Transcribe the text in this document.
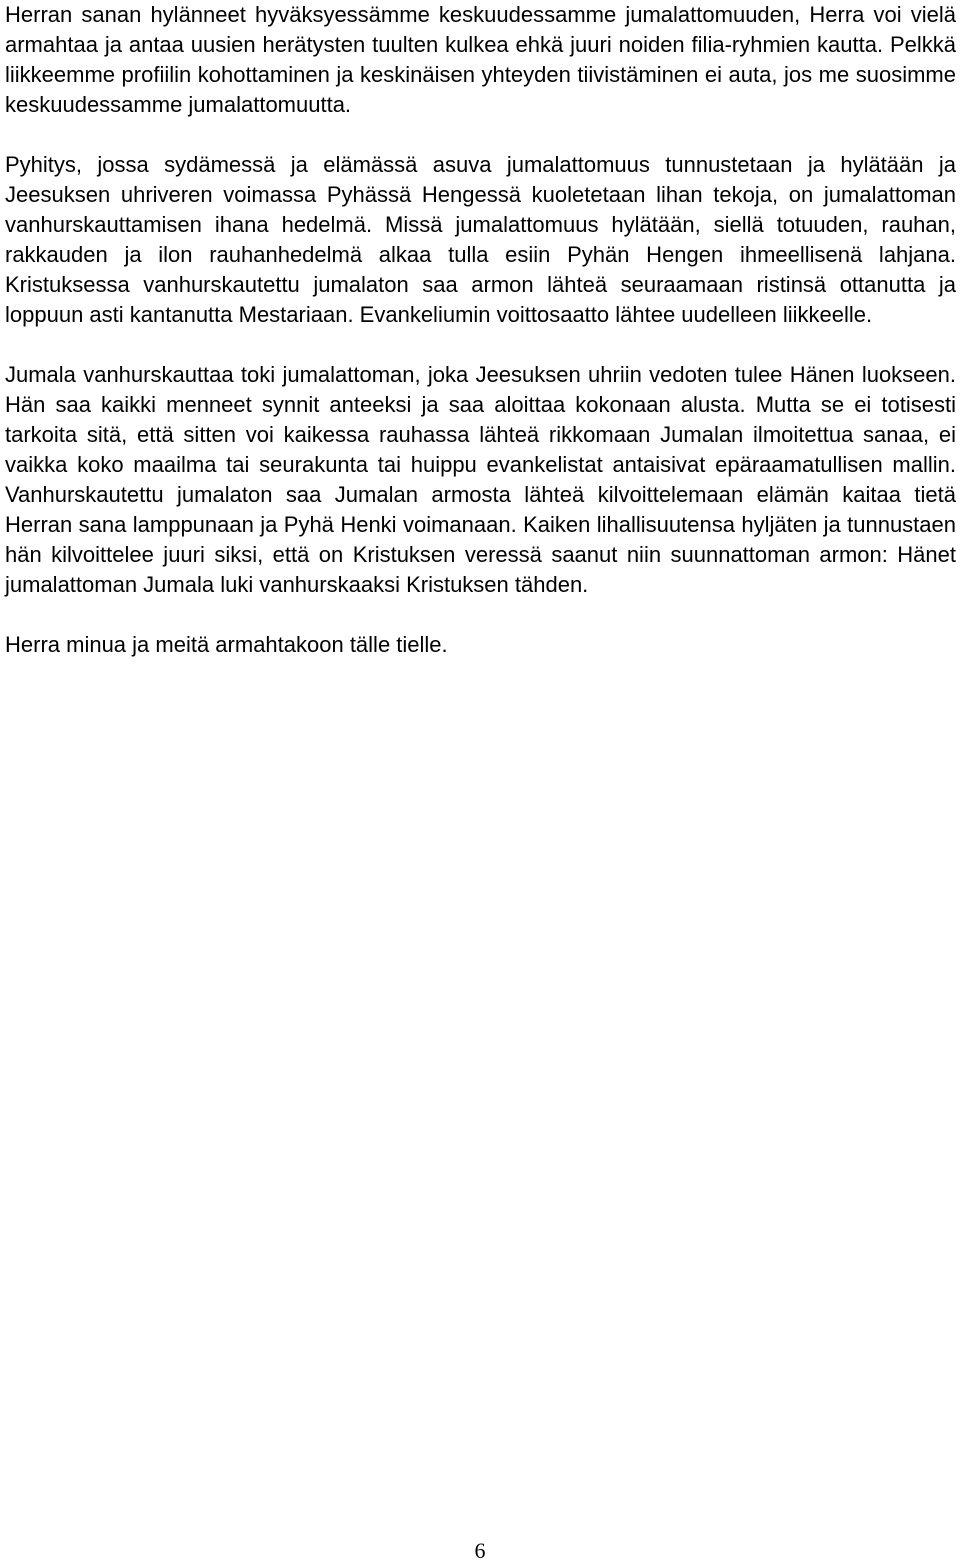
Herran sanan hylänneet hyväksyessämme keskuudessamme jumalattomuuden, Herra voi vielä armahtaa ja antaa uusien herätysten tuulten kulkea ehkä juuri noiden filia-ryhmien kautta. Pelkkä liikkeemme profiilin kohottaminen ja keskinäisen yhteyden tiivistäminen ei auta, jos me suosimme keskuudessamme jumalattomuutta.

Pyhitys, jossa sydämessä ja elämässä asuva jumalattomuus tunnustetaan ja hylätään ja Jeesuksen uhriveren voimassa Pyhässä Hengessä kuoletetaan lihan tekoja, on jumalattoman vanhurskauttamisen ihana hedelmä. Missä jumalattomuus hylätään, siellä totuuden, rauhan, rakkauden ja ilon rauhanhedelmä alkaa tulla esiin Pyhän Hengen ihmeellisenä lahjana. Kristuksessa vanhurskautettu jumalaton saa armon lähteä seuraamaan ristinsä ottanutta ja loppuun asti kantanutta Mestariaan. Evankeliumin voittosaatto lähtee uudelleen liikkeelle.

Jumala vanhurskauttaa toki jumalattoman, joka Jeesuksen uhriin vedoten tulee Hänen luokseen. Hän saa kaikki menneet synnit anteeksi ja saa aloittaa kokonaan alusta. Mutta se ei totisesti tarkoita sitä, että sitten voi kaikessa rauhassa lähteä rikkomaan Jumalan ilmoitettua sanaa, ei vaikka koko maailma tai seurakunta tai huippu evankelistat antaisivat epäraamatullisen mallin. Vanhurskautettu jumalaton saa Jumalan armosta lähteä kilvoittelemaan elämän kaitaa tietä Herran sana lamppunaan ja Pyhä Henki voimanaan. Kaiken lihallisuutensa hyljäten ja tunnustaen hän kilvoittelee juuri siksi, että on Kristuksen veressä saanut niin suunnattoman armon: Hänet jumalattoman Jumala luki vanhurskaaksi Kristuksen tähden.

Herra minua ja meitä armahtakoon tälle tielle.

6
